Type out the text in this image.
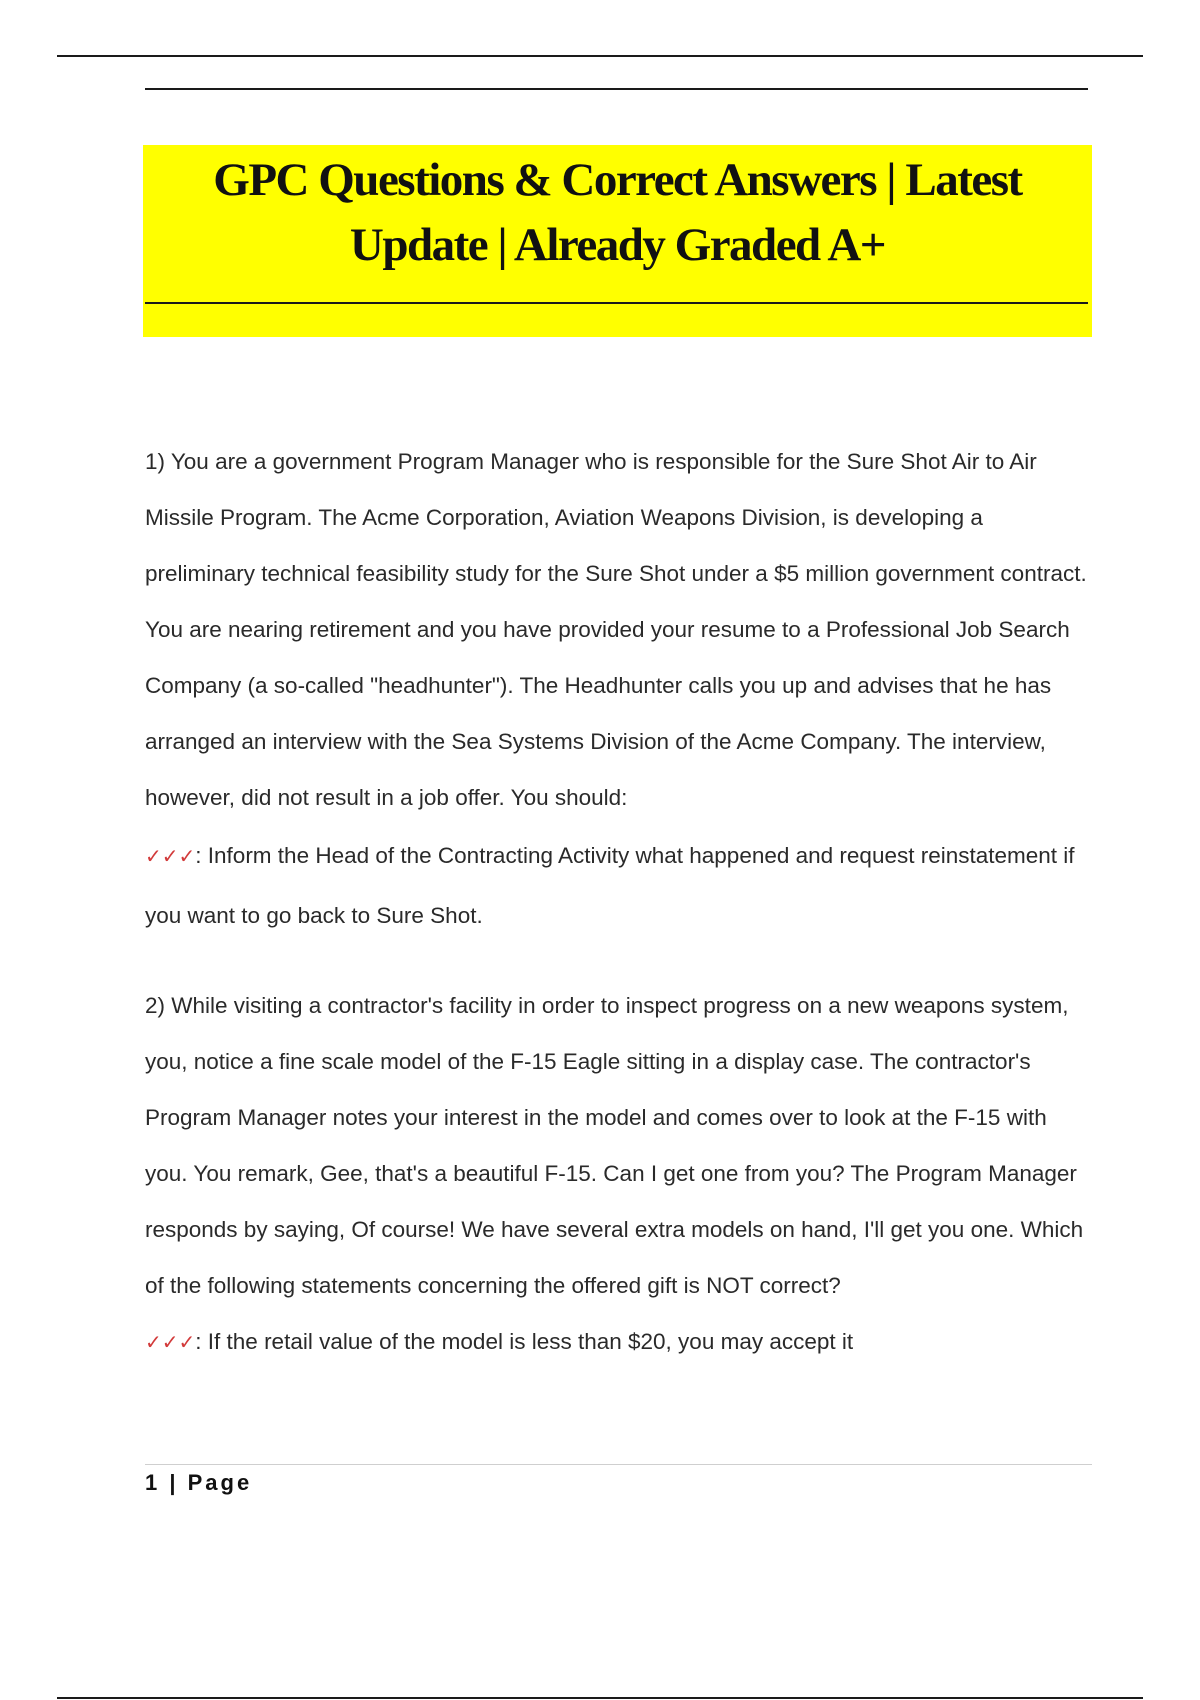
GPC Questions & Correct Answers | Latest Update | Already Graded A+

1) You are a government Program Manager who is responsible for the Sure Shot Air to Air Missile Program. The Acme Corporation, Aviation Weapons Division, is developing a preliminary technical feasibility study for the Sure Shot under a $5 million government contract. You are nearing retirement and you have provided your resume to a Professional Job Search Company (a so-called "headhunter"). The Headhunter calls you up and advises that he has arranged an interview with the Sea Systems Division of the Acme Company. The interview, however, did not result in a job offer. You should:

✓✓✓: Inform the Head of the Contracting Activity what happened and request reinstatement if you want to go back to Sure Shot.

2) While visiting a contractor's facility in order to inspect progress on a new weapons system, you, notice a fine scale model of the F-15 Eagle sitting in a display case. The contractor's Program Manager notes your interest in the model and comes over to look at the F-15 with you. You remark, Gee, that's a beautiful F-15. Can I get one from you? The Program Manager responds by saying, Of course! We have several extra models on hand, I'll get you one. Which of the following statements concerning the offered gift is NOT correct?

✓✓✓: If the retail value of the model is less than $20, you may accept it

1 | Page
